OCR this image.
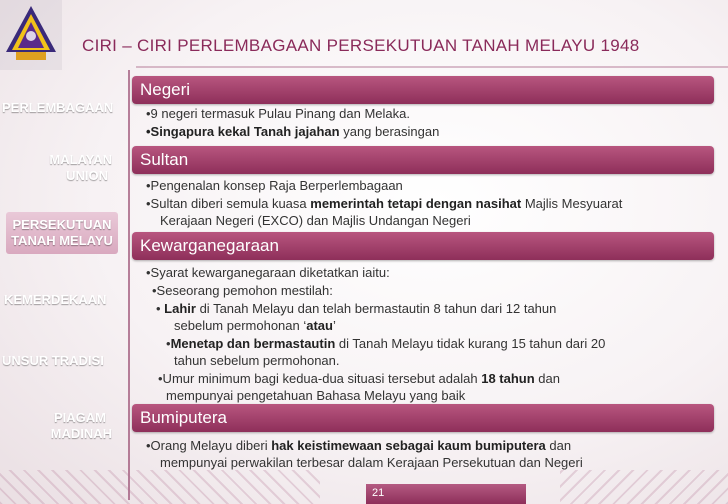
CIRI – CIRI PERLEMBAGAAN PERSEKUTUAN TANAH MELAYU 1948
PERLEMBAGAAN
MALAYAN
UNION
PERSEKUTUAN
TANAH MELAYU
KEMERDEKAAN
UNSUR TRADISI
PIAGAM
MADINAH
Negeri
•9 negeri termasuk Pulau Pinang dan Melaka.
•Singapura kekal Tanah jajahan yang berasingan
Sultan
•Pengenalan konsep Raja Berperlembagaan
•Sultan diberi semula kuasa memerintah tetapi dengan nasihat Majlis Mesyuarat
Kerajaan Negeri (EXCO) dan Majlis Undangan Negeri
Kewarganegaraan
•Syarat kewarganegaraan diketatkan iaitu:
•Seseorang pemohon mestilah:
• Lahir di Tanah Melayu dan telah bermastautin 8 tahun dari 12 tahun
sebelum permohonan ‘atau’
•Menetap dan bermastautin di Tanah Melayu tidak kurang 15 tahun dari 20
tahun sebelum permohonan.
•Umur minimum bagi kedua-dua situasi tersebut adalah 18 tahun dan
mempunyai pengetahuan Bahasa Melayu yang baik
Bumiputera
•Orang Melayu diberi hak keistimewaan sebagai kaum bumiputera dan
mempunyai perwakilan terbesar dalam Kerajaan Persekutuan dan Negeri
21
